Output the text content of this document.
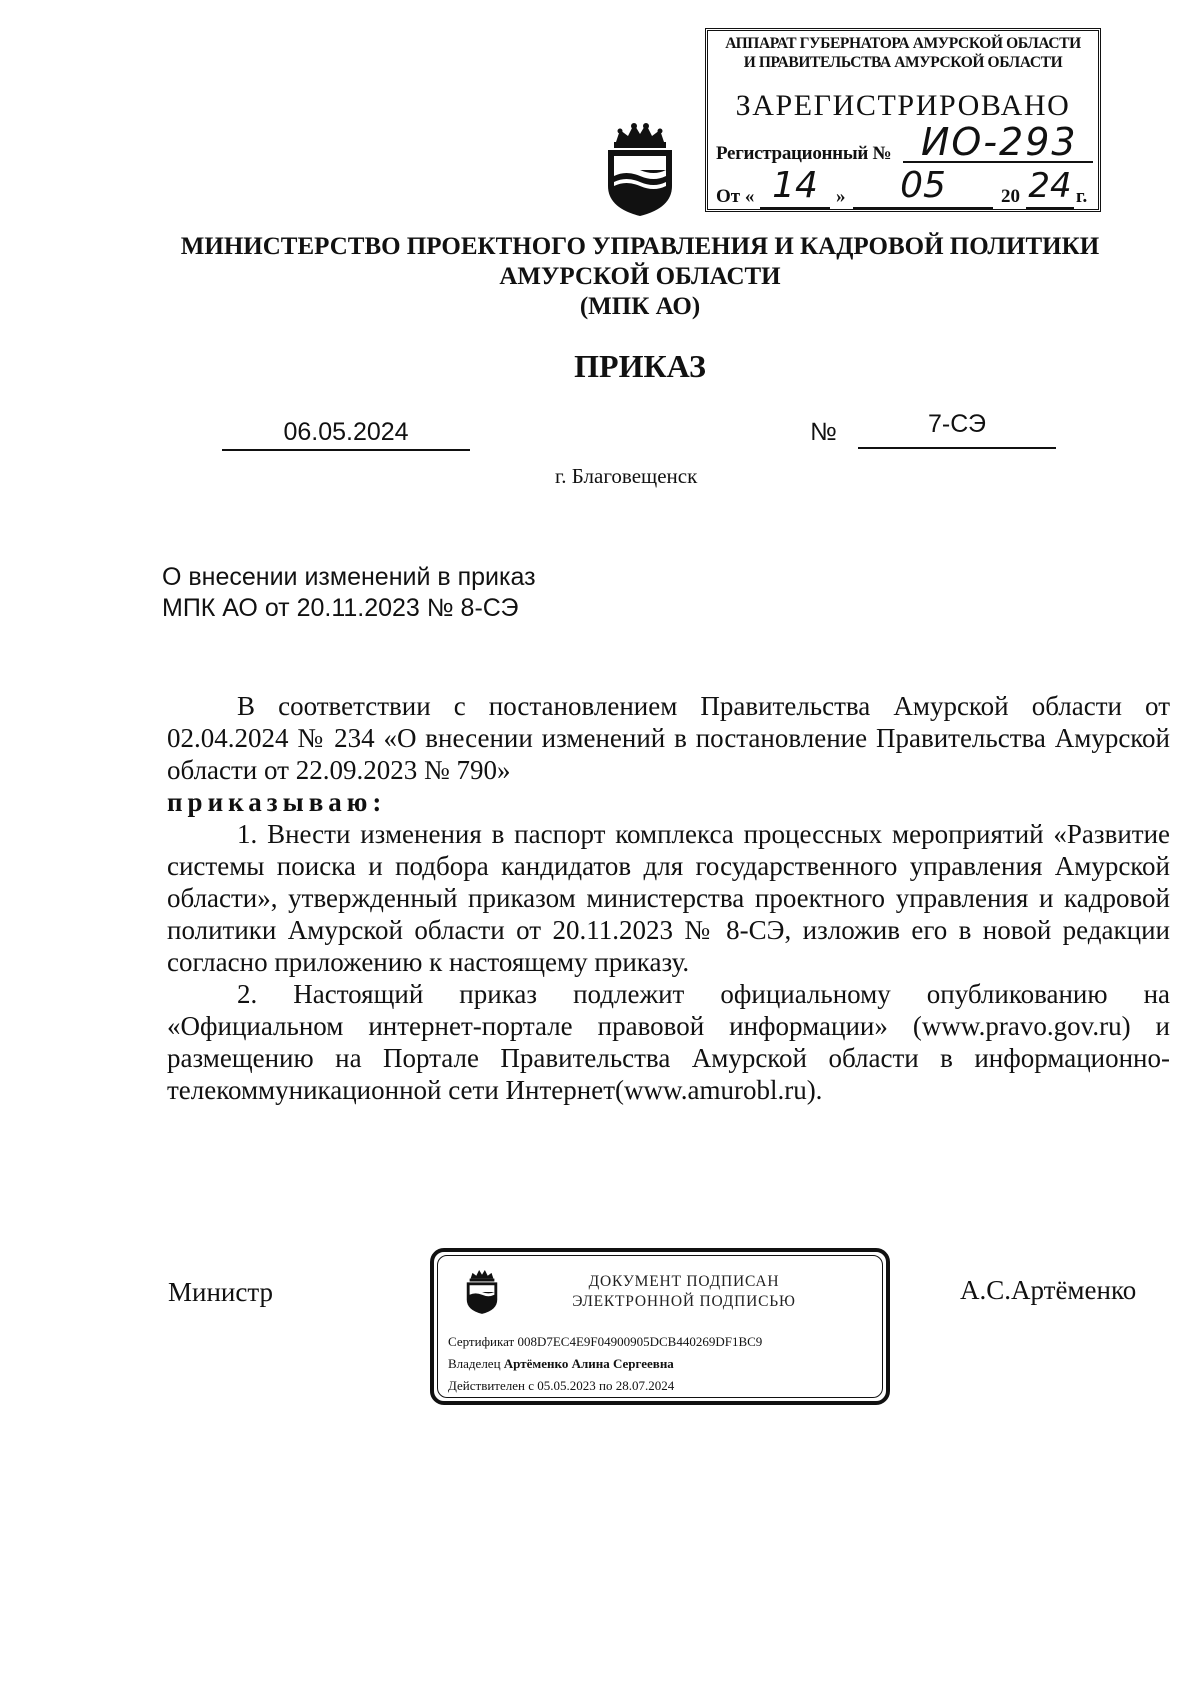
АППАРАТ ГУБЕРНАТОРА АМУРСКОЙ ОБЛАСТИ
И ПРАВИТЕЛЬСТВА АМУРСКОЙ ОБЛАСТИ
ЗАРЕГИСТРИРОВАНО
Регистрационный № ИО-293
От « 14 »	05	20 24 г.
МИНИСТЕРСТВО ПРОЕКТНОГО УПРАВЛЕНИЯ И КАДРОВОЙ ПОЛИТИКИ
АМУРСКОЙ ОБЛАСТИ
(МПК АО)
ПРИКАЗ
06.05.2024	№	7-СЭ
г. Благовещенск
О внесении изменений в приказ
МПК АО от 20.11.2023 № 8-СЭ

В соответствии с постановлением Правительства Амурской области от 02.04.2024 № 234 «О внесении изменений в постановление Правительства Амурской области от 22.09.2023 № 790»

приказываю:

1. Внести изменения в паспорт комплекса процессных мероприятий «Развитие системы поиска и подбора кандидатов для государственного управления Амурской области», утвержденный приказом министерства проектного управления и кадровой политики Амурской области от 20.11.2023 № 8-СЭ, изложив его в новой редакции согласно приложению к настоящему приказу.

2. Настоящий приказ подлежит официальному опубликованию на «Официальном интернет-портале правовой информации» (www.pravo.gov.ru) и размещению на Портале Правительства Амурской области в информационно-телекоммуникационной сети Интернет(www.amurobl.ru).

Министр	А.С.Артёменко
ДОКУМЕНТ ПОДПИСАН
ЭЛЕКТРОННОЙ ПОДПИСЬЮ
Сертификат 008D7EC4E9F04900905DCB440269DF1BC9
Владелец Артёменко Алина Сергеевна
Действителен с 05.05.2023 по 28.07.2024
